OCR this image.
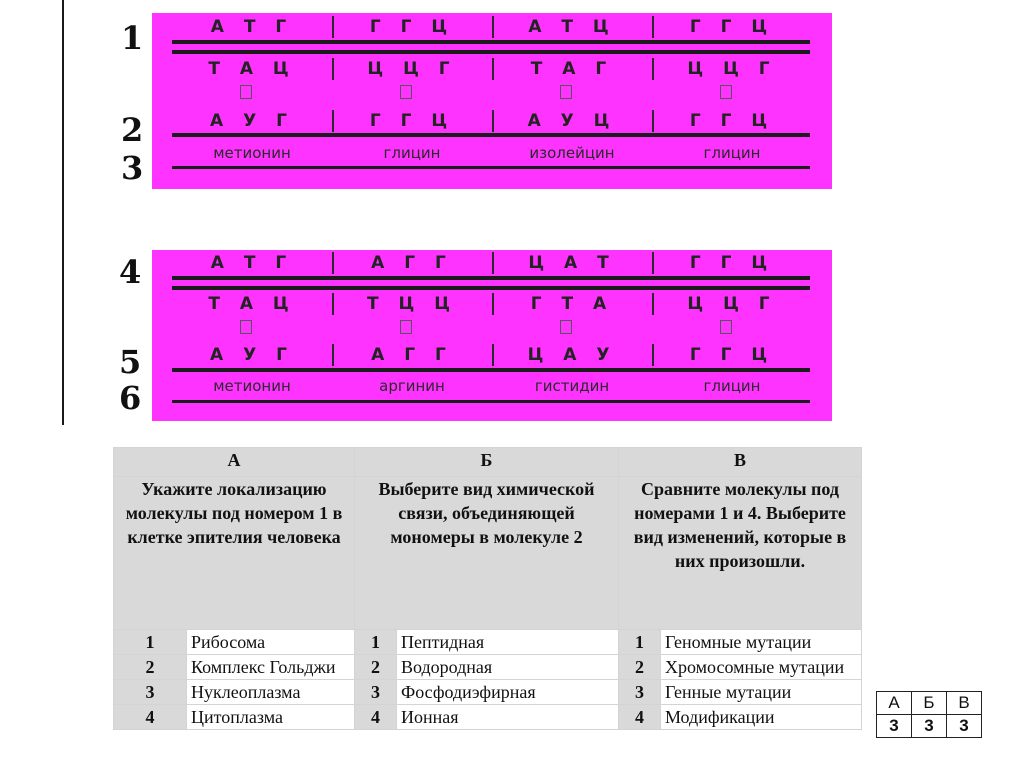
1
2
3
4
5
6
А Т Г	Г Г Ц	А Т Ц	Г Г Ц
Т А Ц	Ц Ц Г	Т А Г	Ц Ц Г
А У Г	Г Г Ц	А У Ц	Г Г Ц
метионин	глицин	изолейцин	глицин
А Т Г	А Г Г	Ц А Т	Г Г Ц
Т А Ц	Т Ц Ц	Г Т А	Ц Ц Г
А У Г	А Г Г	Ц А У	Г Г Ц
метионин	аргинин	гистидин	глицин
А		Б		В	
Укажите локализацию молекулы под номером 1 в клетке эпителия человека		Выберите вид химической связи, объединяющей мономеры в молекуле 2		Сравните молекулы под номерами 1 и 4. Выберите вид изменений, которые в них произошли.	
1	Рибосома	1	Пептидная	1	Геномные мутации
2	Комплекс Гольджи	2	Водородная	2	Хромосомные мутации
3	Нуклеоплазма	3	Фосфодиэфирная	3	Генные мутации
4	Цитоплазма	4	Ионная	4	Модификации
А	Б	В
3	3	3
